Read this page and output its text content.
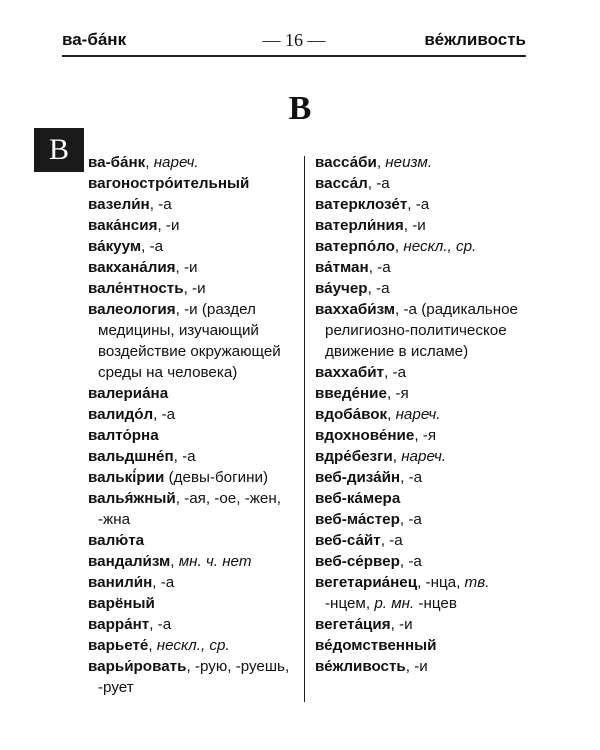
ва-ба́нк	— 16 —	ве́жливость
В
В ва-ба́нк, нареч.

вагоностро́ительный

вазели́н, -а

вака́нсия, -и

ва́куум, -а

вакхана́лия, -и

вале́нтность, -и

валеология, -и (раздел медицины, изучающий воздействие окружающей среды на человека)

валериа́на

валидо́л, -а

валто́рна

вальдшне́п, -а

валькі́рии (девы-богини)

валья́жный, -ая, -ое, -жен, -жна

валю́та

вандали́зм, мн. ч. нет

ванили́н, -а

варёный

варра́нт, -а

варьете́, нескл., ср.

варьи́ровать, -рую, -руешь, -рует

васса́би, неизм.

васса́л, -а

ватерклозе́т, -а

ватерли́ния, -и

ватерпо́ло, нескл., ср.

ва́тман, -а

ва́учер, -а

ваххаби́зм, -а (радикальное религиозно-политическое движение в исламе)

ваххаби́т, -а

введе́ние, -я

вдоба́вок, нареч.

вдохнове́ние, -я

вдре́безги, нареч.

веб-диза́йн, -а

веб-ка́мера

веб-ма́стер, -а

веб-са́йт, -а

веб-се́рвер, -а

вегетариа́нец, -нца, тв. -нцем, р. мн. -нцев

вегета́ция, -и

ве́домственный

ве́жливость, -и
